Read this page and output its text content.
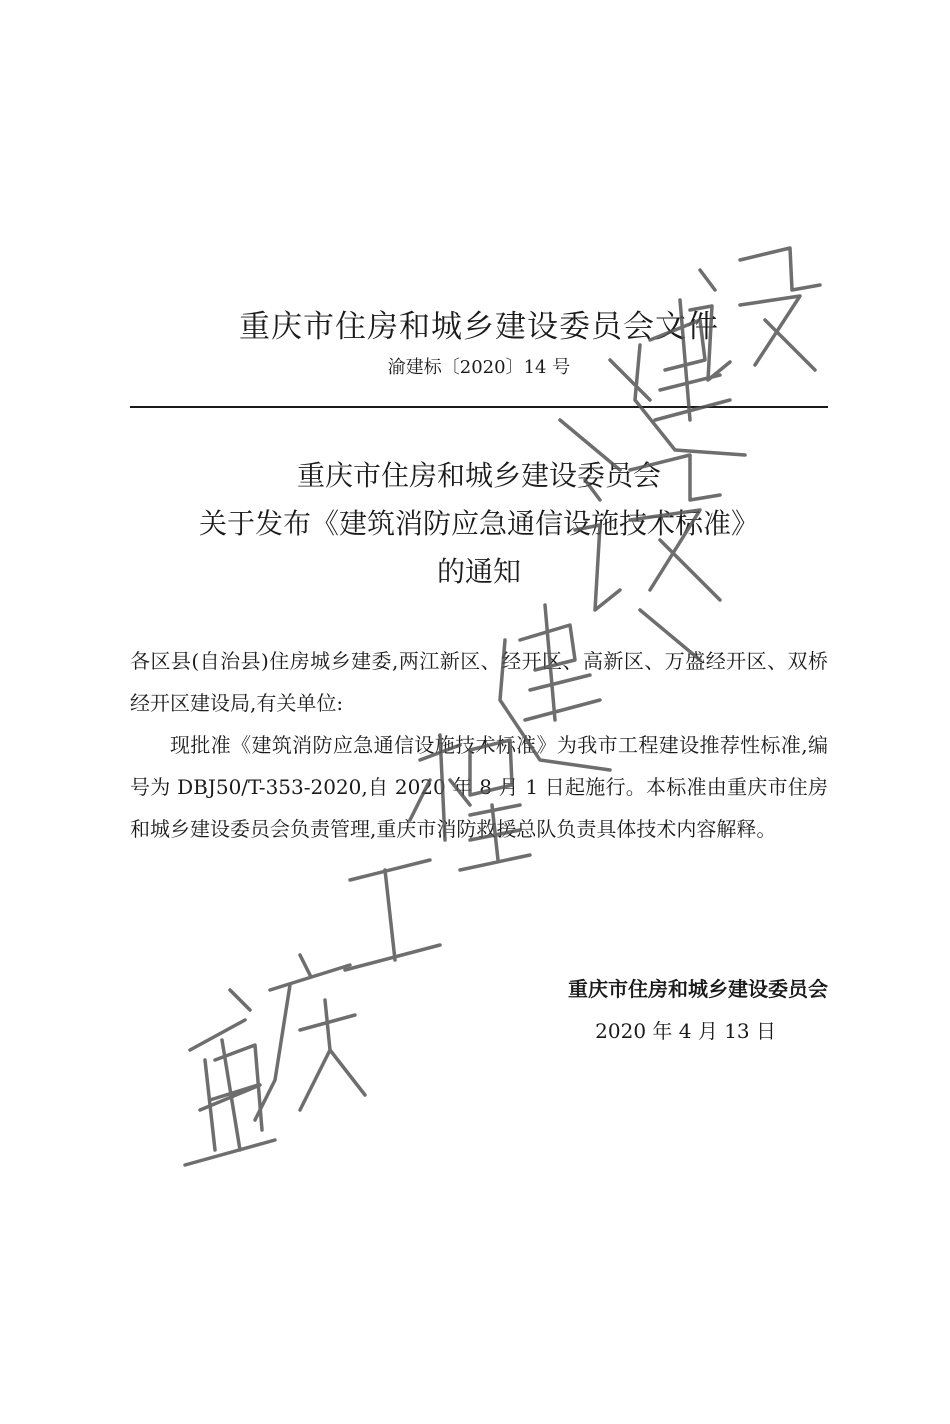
重庆市住房和城乡建设委员会文件
渝建标〔2020〕14 号
重庆市住房和城乡建设委员会
关于发布《建筑消防应急通信设施技术标准》
的通知

各区县(自治县)住房城乡建委,两江新区、经开区、高新区、万盛经开区、双桥经开区建设局,有关单位:

现批准《建筑消防应急通信设施技术标准》为我市工程建设推荐性标准,编号为 DBJ50/T-353-2020,自 2020 年 8 月 1 日起施行。本标准由重庆市住房和城乡建设委员会负责管理,重庆市消防救援总队负责具体技术内容解释。

重庆市住房和城乡建设委员会
2020 年 4 月 13 日
